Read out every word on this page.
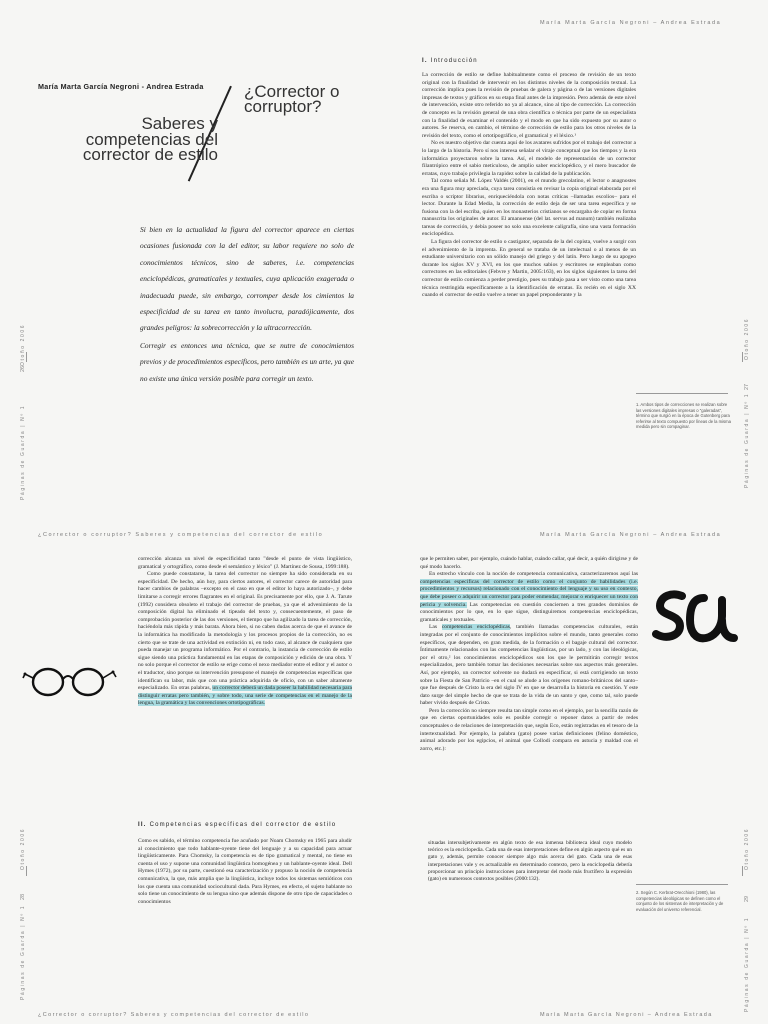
María Marta García Negroni - Andrea Estrada ¿Corrector o corruptor?
Saberes y competencias del corrector de estilo

Si bien en la actualidad la figura del corrector aparece en ciertas ocasiones fusionada con la del editor, su labor requiere no solo de conocimientos técnicos, sino de saberes, i.e. competencias enciclopédicas, gramaticales y textuales, cuya aplicación exagerada o inadecuada puede, sin embargo, corromper desde los cimientos la especificidad de su tarea en tanto involucra, paradójicamente, dos grandes peligros: la sobrecorrección y la ultracorrección.

Corregir es entonces una técnica, que se nutre de conocimientos previos y de procedimientos específicos, pero también es un arte, ya que no existe una única versión posible para corregir un texto.

26
Otoño 2006
Páginas de Guarda | Nº 1
María Marta García Negroni – Andrea Estrada
I. Introducción

La corrección de estilo se define habitualmente como el proceso de revisión de un texto original con la finalidad de intervenir en los distintos niveles de la composición textual. La corrección implica pues la revisión de pruebas de galera y página o de las versiones digitales impresas de textos y gráficos en su etapa final antes de la impresión. Pero además de este nivel de intervención, existe otro referido no ya al alcance, sino al tipo de corrección. La corrección de concepto es la revisión general de una obra científica o técnica por parte de un especialista con la finalidad de examinar el contenido y el modo en que ha sido expuesto por su autor o autores. Se reserva, en cambio, el término de corrección de estilo para los otros niveles de la revisión del texto, como el ortotipográfico, el gramatical y el léxico.¹

No es nuestro objetivo dar cuenta aquí de los avatares sufridos por el trabajo del corrector a lo largo de la historia. Pero sí nos interesa señalar el viraje conceptual que los tiempos y la era informática proyectaron sobre la tarea. Así, el modelo de representación de un corrector filantrópico entre el sabio meticuloso, de amplio saber enciclopédico, y el mero buscador de erratas, cuyo trabajo privilegia la rapidez sobre la calidad de la publicación.

Tal como señala M. López Valdés (2001), en el mundo grecolatino, el lector o anagnostes era una figura muy apreciada, cuya tarea consistía en revisar la copia original elaborada por el escriba o scriptor librarius, enriqueciéndola con notas críticas –llamadas escolios– para el lector. Durante la Edad Media, la corrección de estilo deja de ser una tarea específica y se fusiona con la del escriba, quien en los monasterios cristianos se encargaba de copiar en forma manuscrita los originales de autor. El amanuense (del lat. servus ad manum) también realizaba tareas de corrección, y debía poseer no solo una excelente caligrafía, sino una vasta formación enciclopédica.

La figura del corrector de estilo o castigator, separada de la del copista, vuelve a surgir con el advenimiento de la imprenta. En general se trataba de un intelectual o al menos de un estudiante universitario con un sólido manejo del griego y del latín. Pero luego de su apogeo durante los siglos XV y XVI, en los que muchos sabios y escritores se empleaban como correctores en las editoriales (Febvre y Martin, 2005:163), en los siglos siguientes la tarea del corrector de estilo comienza a perder prestigio, pues su trabajo pasa a ser visto como una tarea técnica restringida específicamente a la identificación de erratas. Es recién en el siglo XX cuando el corrector de estilo vuelve a tener un papel preponderante y la

1. Ambos tipos de correcciones se realizan sobre las versiones digitales impresas o "galeradas", término que surgió en la época de Gutenberg para referirse al texto compuesto por líneas de la misma medida pero sin compaginar.
27
Otoño 2006
Páginas de Guarda | Nº 1
¿Corrector o corruptor? Saberes y competencias del corrector de estilo

corrección alcanza un nivel de especificidad tanto "desde el punto de vista lingüístico, gramatical y ortográfico, como desde el semántico y léxico" (J. Martínez de Sousa, 1999:188).

Como puede constatarse, la tarea del corrector no siempre ha sido considerada en su especificidad. De hecho, aún hoy, para ciertos autores, el corrector carece de autoridad para hacer cambios de palabras –excepto en el caso en que el editor lo haya autorizado–, y debe limitarse a corregir errores flagrantes en el original. Es precisamente por ello, que J. A. Tarute (1992) considera obsoleto el trabajo del corrector de pruebas, ya que el advenimiento de la composición digital ha eliminado el tipeado del texto y, consecuentemente, el paso de comprobación posterior de las dos versiones, el tiempo que ha agilizado la tarea de corrección, haciéndola más rápida y más barata. Ahora bien, si no caben dudas acerca de que el avance de la informática ha modificado la metodología y los procesos propios de la corrección, no es cierto que se trate de una actividad en extinción ni, en todo caso, al alcance de cualquiera que pueda manejar un programa informático. Por el contrario, la instancia de corrección de estilo sigue siendo una práctica fundamental en las etapas de composición y edición de una obra. Y no solo porque el corrector de estilo se erige como el nexo mediador entre el editor y el autor o el traductor, sino porque su intervención presupone el manejo de competencias específicas que identifican su labor, más que con una práctica adquirida de oficio, con un saber altamente especializado. En otras palabras, un corrector deberá un dada poseer la habilidad necesaria para distinguir erratas pero también, y sobre todo, una serie de competencias en el manejo de la lengua, la gramática y las convenciones ortotipográficas.

II. Competencias específicas del corrector de estilo

Como es sabido, el término competencia fue acuñado por Noam Chomsky en 1965 para aludir al conocimiento que todo hablante-oyente tiene del lenguaje y a su capacidad para actuar lingüísticamente. Para Chomsky, la competencia es de tipo gramatical y mental, no tiene en cuenta el uso y supone una comunidad lingüística homogénea y un hablante-oyente ideal. Dell Hymes (1972), por su parte, cuestionó esa caracterización y propuso la noción de competencia comunicativa, la que, más amplia que la lingüística, incluye todos los sistemas semióticos con los que cuenta una comunidad sociocultural dada. Para Hymes, en efecto, el sujeto hablante no solo tiene un conocimiento de su lengua sino que además dispone de otro tipo de capacidades o conocimientos

28
Otoño 2006
Páginas de Guarda | Nº 1
¿Corrector o corruptor? Saberes y competencias del corrector de estilo
María Marta García Negroni – Andrea Estrada

que le permiten saber, por ejemplo, cuándo hablar, cuándo callar, qué decir, a quién dirigirse y de qué modo hacerlo.

En estrecho vínculo con la noción de competencia comunicativa, caracterizaremos aquí las competencias específicas del corrector de estilo como el conjunto de habilidades (i.e. procedimientos y recursos) relacionado con el conocimiento del lenguaje y su uso en contexto, que debe poseer o adquirir un corrector para poder enmendar, mejorar o enriquecer un texto con pericia y solvencia. Las competencias en cuestión conciernen a tres grandes dominios de conocimientos por lo que, en lo que sigue, distinguiremos competencias enciclopédicas, gramaticales y textuales.

Las competencias enciclopédicas, también llamadas competencias culturales, están integradas por el conjunto de conocimientos implícitos sobre el mundo, tanto generales como específicos, que dependen, en gran medida, de la formación o el bagaje cultural del corrector. Íntimamente relacionados con las competencias lingüísticas, por un lado, y con las ideológicas, por el otro,² los conocimientos enciclopédicos son los que le permitirán corregir textos especializados, pero también tomar las decisiones necesarias sobre sus aspectos más generales. Así, por ejemplo, un corrector solvente no dudará en especificar, si está corrigiendo un texto sobre la Fiesta de San Patricio –en el cual se alude a los orígenes romano-británicos del santo– que fue después de Cristo la era del siglo IV en que se desarrolla la historia en cuestión. Y este dato surge del simple hecho de que se trata de la vida de un santo y que, como tal, solo puede haber vivido después de Cristo.

Pero la corrección no siempre resulta tan simple como en el ejemplo, por la sencilla razón de que en ciertas oportunidades solo es posible corregir o reponer datos a partir de redes conceptuales o de relaciones de interpretación que, según Eco, están registradas en el tesoro de la intertextualidad. Por ejemplo, la palabra (gato) posee varias definiciones (felino doméstico, animal adorado por los egipcios, el animal que Collodi compara en astucia y maldad con el zorro, etc.):

situadas intersubjetivamente en algún texto de esa inmensa biblioteca ideal cuyo modelo teórico es la enciclopedia. Cada una de esas interpretaciones define en algún aspecto qué es un gato y, además, permite conocer siempre algo más acerca del gato. Cada una de esas interpretaciones vale y es actualizable en determinado contexto, pero la enciclopedia debería proporcionar un principio instrucciones para interpretar del modo más fructífero la expresión (gato) en numerosos contextos posibles (2000:132).
2. Según C. Kerbrat-Orecchioni (1980), las competencias ideológicas se definen como el conjunto de los sistemas de interpretación y de evaluación del universo referencial.
29
Otoño 2006
Páginas de Guarda | Nº 1
María Marta García Negroni – Andrea Estrada
